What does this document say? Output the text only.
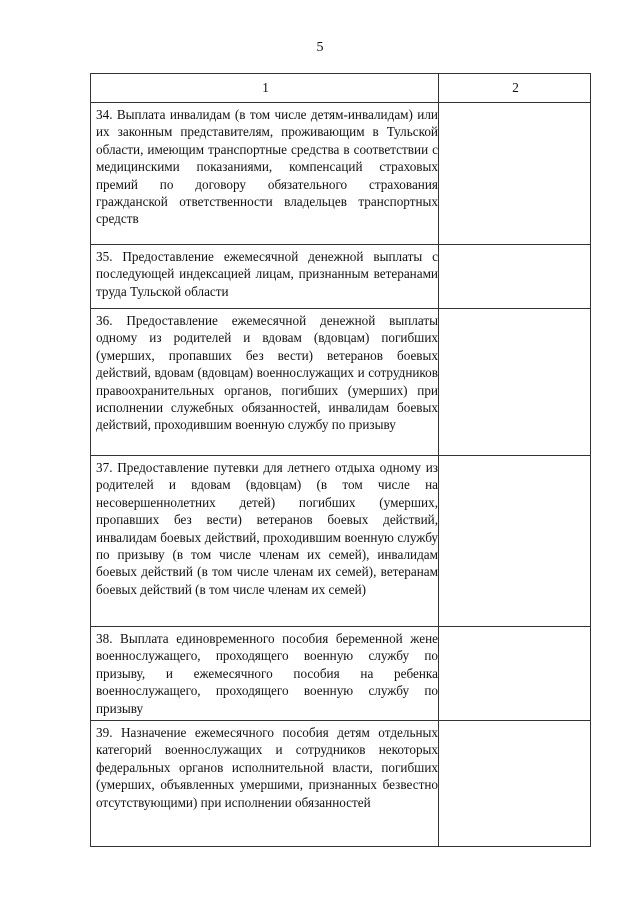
5
1	2

34. Выплата инвалидам (в том числе детям-инвалидам) или их законным представителям, проживающим в Тульской области, имеющим транспортные средства в соответствии с медицинскими показаниями, компенсаций страховых премий по договору обязательного страхования гражданской ответственности владельцев транспортных средств	

35. Предоставление ежемесячной денежной выплаты с последующей индексацией лицам, признанным ветеранами труда Тульской области	

36. Предоставление ежемесячной денежной выплаты одному из родителей и вдовам (вдовцам) погибших (умерших, пропавших без вести) ветеранов боевых действий, вдовам (вдовцам) военнослужащих и сотрудников правоохранительных органов, погибших (умерших) при исполнении служебных обязанностей, инвалидам боевых действий, проходившим военную службу по призыву	

37. Предоставление путевки для летнего отдыха одному из родителей и вдовам (вдовцам) (в том числе на несовершеннолетних детей) погибших (умерших, пропавших без вести) ветеранов боевых действий, инвалидам боевых действий, проходившим военную службу по призыву (в том числе членам их семей), инвалидам боевых действий (в том числе членам их семей), ветеранам боевых действий (в том числе членам их семей)	

38. Выплата единовременного пособия беременной жене военнослужащего, проходящего военную службу по призыву, и ежемесячного пособия на ребенка военнослужащего, проходящего военную службу по призыву	

39. Назначение ежемесячного пособия детям отдельных категорий военнослужащих и сотрудников некоторых федеральных органов исполнительной власти, погибших (умерших, объявленных умершими, признанных безвестно отсутствующими) при исполнении обязанностей	
